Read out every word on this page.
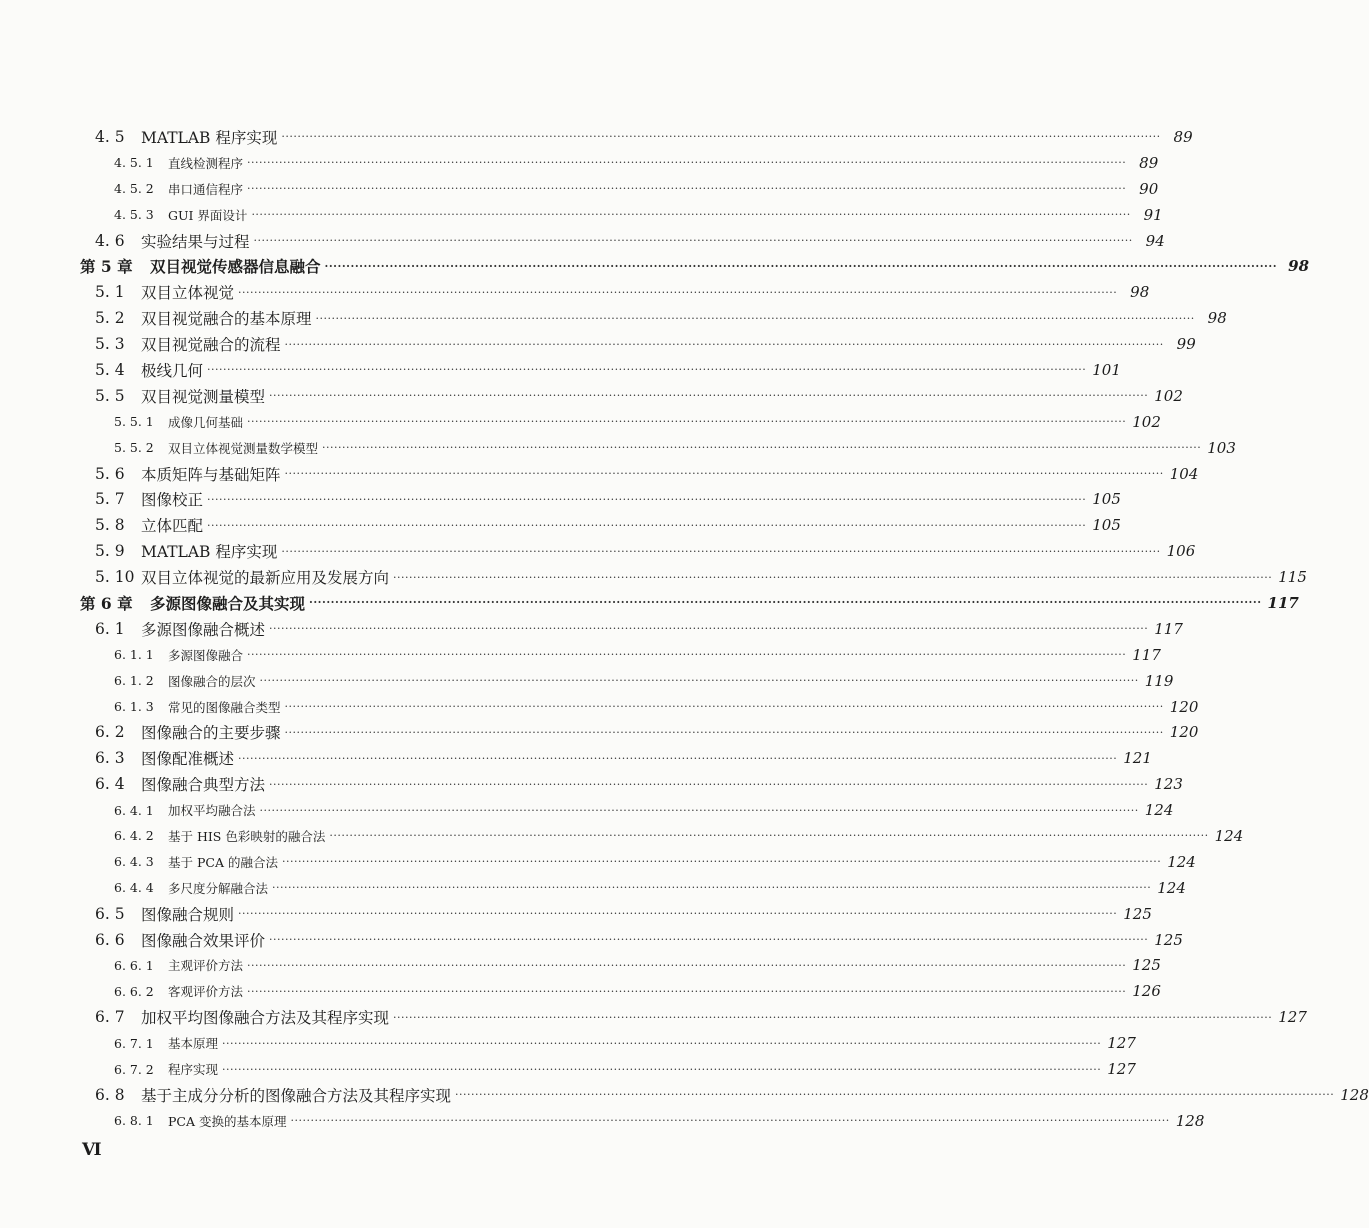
4. 5	MATLAB 程序实现 ···························································································································································································································· 89
4. 5. 1	直线检测程序 ···························································································································································································································· 89
4. 5. 2	串口通信程序 ···························································································································································································································· 90
4. 5. 3	GUI 界面设计 ···························································································································································································································· 91
4. 6	实验结果与过程 ···························································································································································································································· 94
第 5 章	双目视觉传感器信息融合 ···························································································································································································································· 98
5. 1	双目立体视觉 ···························································································································································································································· 98
5. 2	双目视觉融合的基本原理 ···························································································································································································································· 98
5. 3	双目视觉融合的流程 ···························································································································································································································· 99
5. 4	极线几何 ···························································································································································································································· 101
5. 5	双目视觉测量模型 ···························································································································································································································· 102
5. 5. 1	成像几何基础 ···························································································································································································································· 102
5. 5. 2	双目立体视觉测量数学模型 ···························································································································································································································· 103
5. 6	本质矩阵与基础矩阵 ···························································································································································································································· 104
5. 7	图像校正 ···························································································································································································································· 105
5. 8	立体匹配 ···························································································································································································································· 105
5. 9	MATLAB 程序实现 ···························································································································································································································· 106
5. 10 双目立体视觉的最新应用及发展方向 ···························································································································································································································· 115
第 6 章	多源图像融合及其实现 ···························································································································································································································· 117
6. 1	多源图像融合概述 ···························································································································································································································· 117
6. 1. 1	多源图像融合 ···························································································································································································································· 117
6. 1. 2	图像融合的层次 ···························································································································································································································· 119
6. 1. 3	常见的图像融合类型 ···························································································································································································································· 120
6. 2	图像融合的主要步骤 ···························································································································································································································· 120
6. 3	图像配准概述 ···························································································································································································································· 121
6. 4	图像融合典型方法 ···························································································································································································································· 123
6. 4. 1	加权平均融合法 ···························································································································································································································· 124
6. 4. 2	基于 HIS 色彩映射的融合法 ···························································································································································································································· 124
6. 4. 3	基于 PCA 的融合法 ···························································································································································································································· 124
6. 4. 4	多尺度分解融合法 ···························································································································································································································· 124
6. 5	图像融合规则 ···························································································································································································································· 125
6. 6	图像融合效果评价 ···························································································································································································································· 125
6. 6. 1	主观评价方法 ···························································································································································································································· 125
6. 6. 2	客观评价方法 ···························································································································································································································· 126
6. 7	加权平均图像融合方法及其程序实现 ···························································································································································································································· 127
6. 7. 1	基本原理 ···························································································································································································································· 127
6. 7. 2	程序实现 ···························································································································································································································· 127
6. 8	基于主成分分析的图像融合方法及其程序实现 ···························································································································································································································· 128
6. 8. 1	PCA 变换的基本原理 ···························································································································································································································· 128
Ⅵ
